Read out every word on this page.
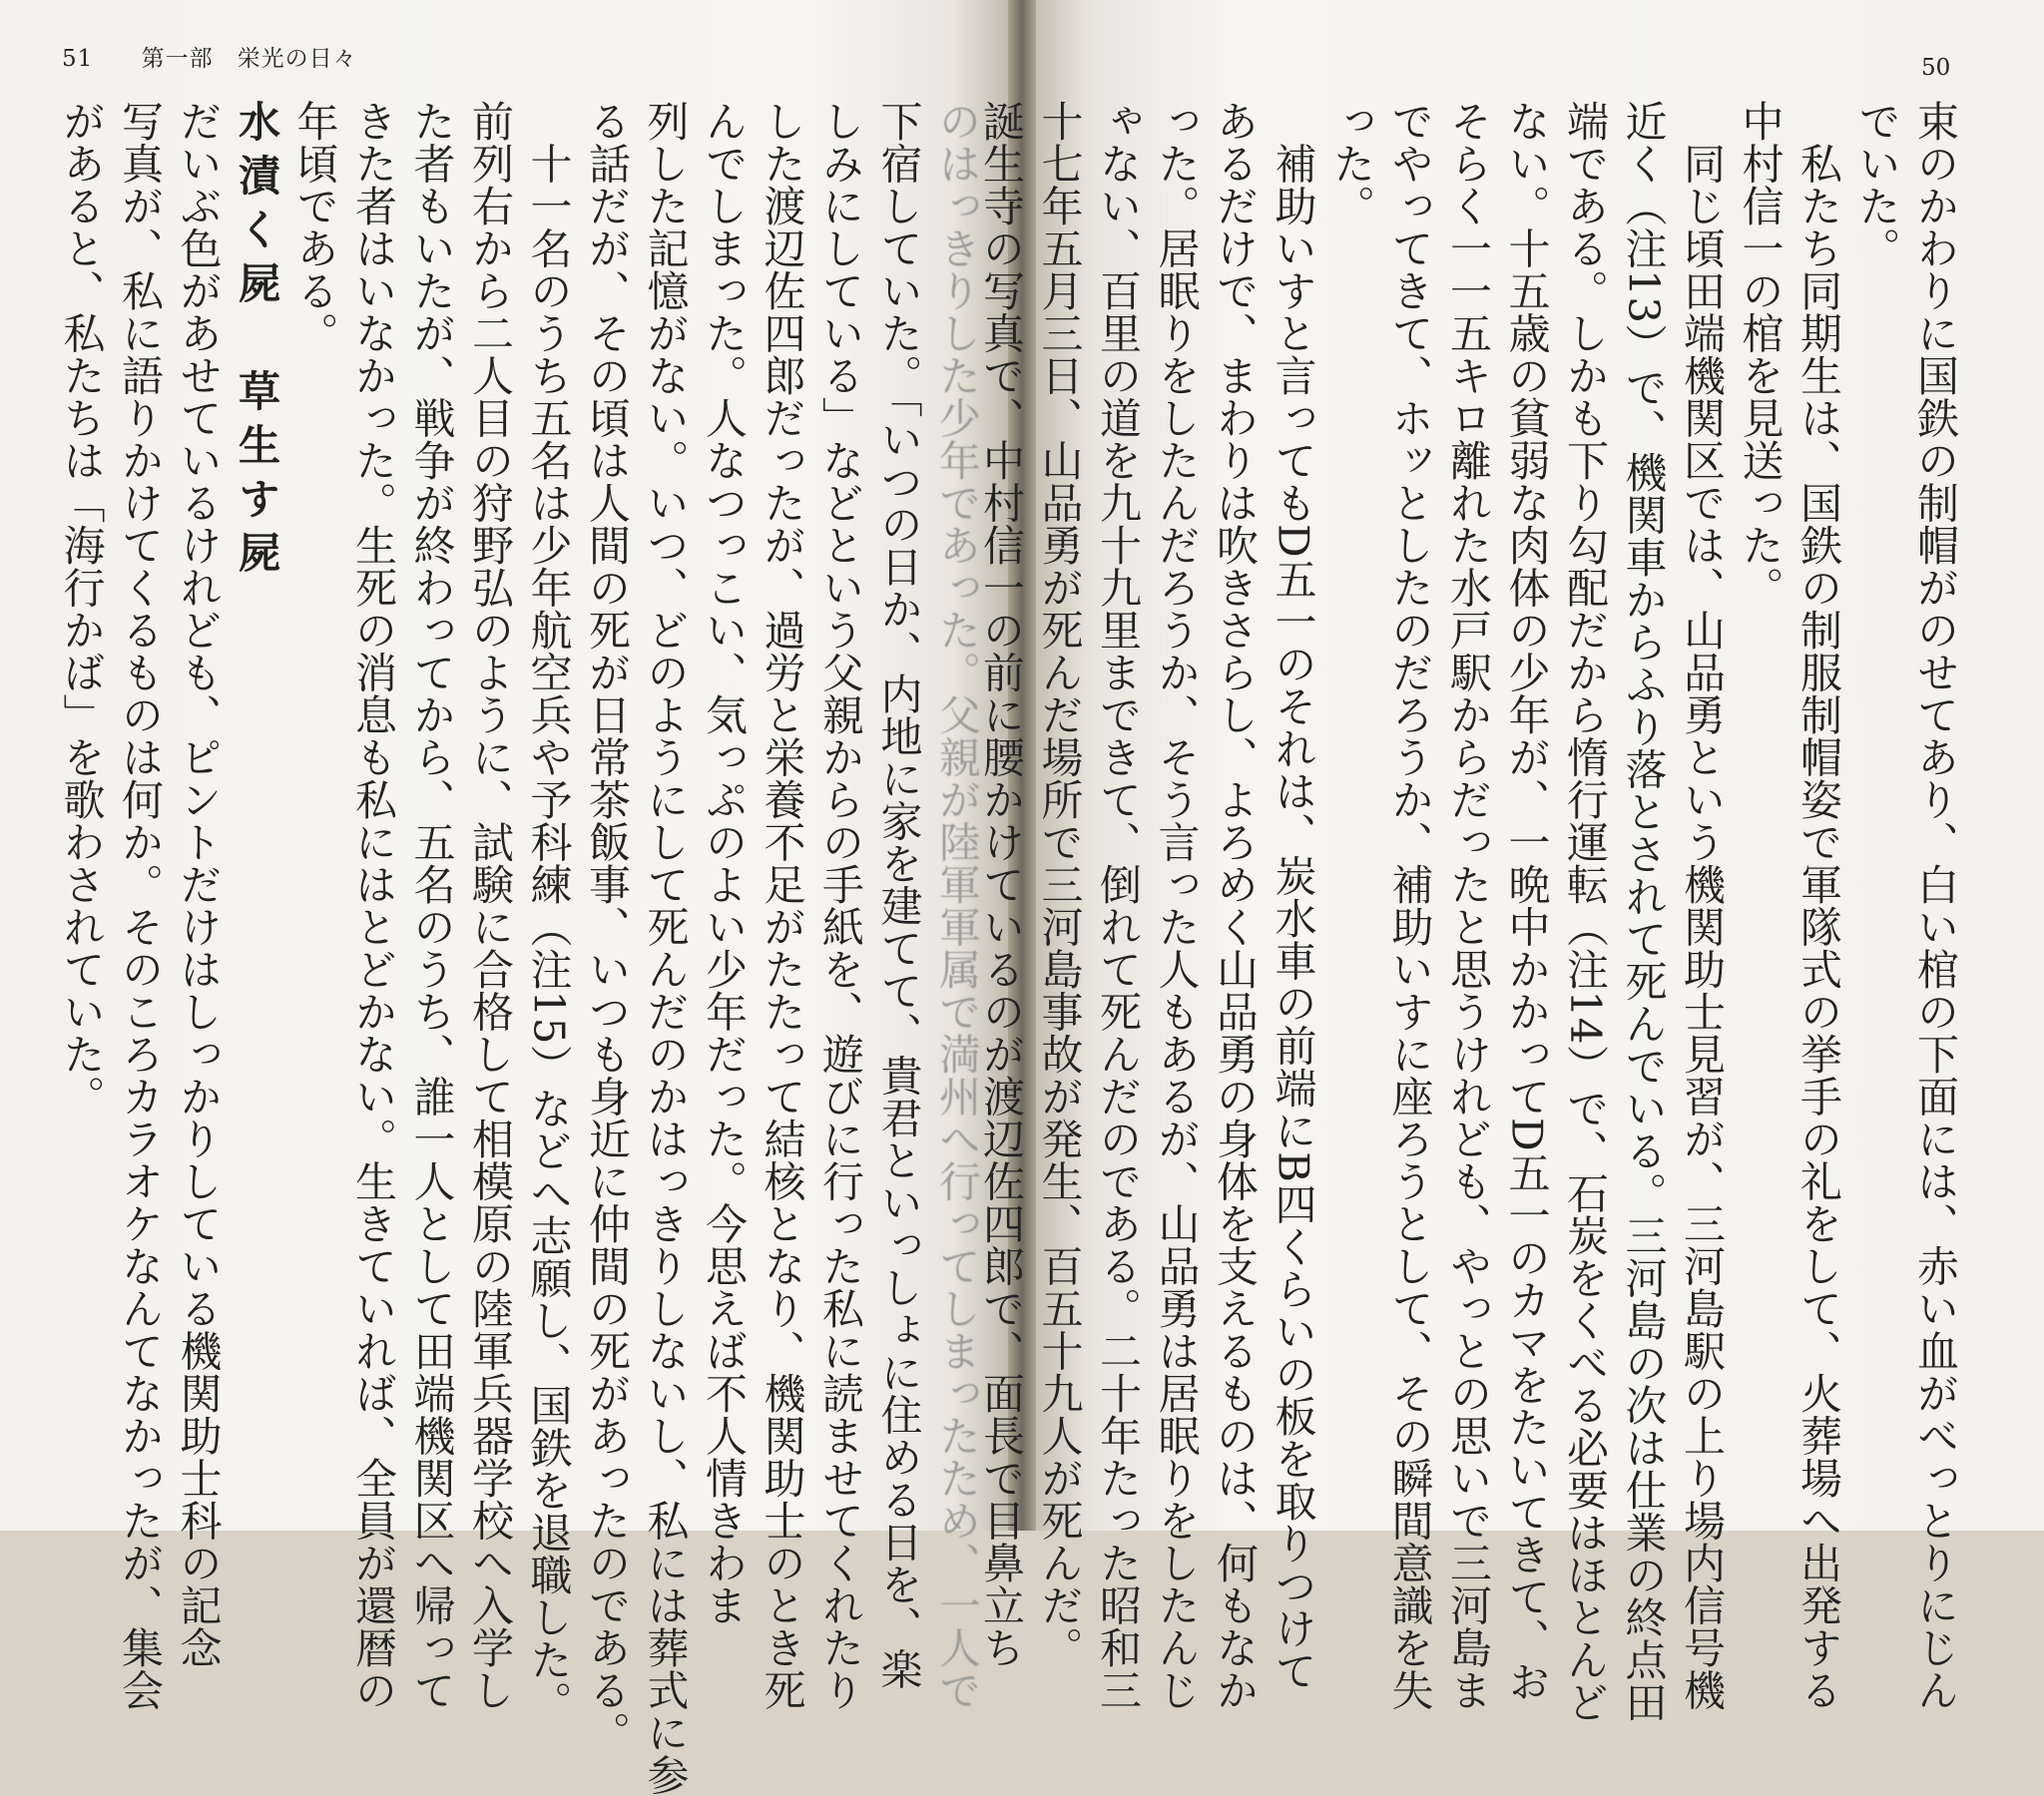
51 第一部　栄光の日々	50
束のかわりに国鉄の制帽がのせてあり、白い棺の下面には、赤い血がべっとりにじん
でいた。
　私たち同期生は、国鉄の制服制帽姿で軍隊式の挙手の礼をして、火葬場へ出発する
中村信一の棺を見送った。
　同じ頃田端機関区では、山品勇という機関助士見習が、三河島駅の上り場内信号機
近く（注13）で、機関車からふり落とされて死んでいる。三河島の次は仕業の終点田
端である。しかも下り勾配だから惰行運転（注14）で、石炭をくべる必要はほとんど
ない。十五歳の貧弱な肉体の少年が、一晩中かかってD五一のカマをたいてきて、お
そらく一一五キロ離れた水戸駅からだったと思うけれども、やっとの思いで三河島ま
でやってきて、ホッとしたのだろうか、補助いすに座ろうとして、その瞬間意識を失
った。
　補助いすと言ってもD五一のそれは、炭水車の前端にB四くらいの板を取りつけて
あるだけで、まわりは吹きさらし、よろめく山品勇の身体を支えるものは、何もなか
った。居眠りをしたんだろうか、そう言った人もあるが、山品勇は居眠りをしたんじ
ゃない、百里の道を九十九里まできて、倒れて死んだのである。二十年たった昭和三
十七年五月三日、山品勇が死んだ場所で三河島事故が発生、百五十九人が死んだ。
誕生寺の写真で、中村信一の前に腰かけているのが渡辺佐四郎で、面長で目鼻立ち
のはっきりした少年であった。父親が陸軍軍属で満州へ行ってしまったため、一人で
下宿していた。「いつの日か、内地に家を建てて、貴君といっしょに住める日を、楽
しみにしている」などという父親からの手紙を、遊びに行った私に読ませてくれたり
した渡辺佐四郎だったが、過労と栄養不足がたたって結核となり、機関助士のとき死
んでしまった。人なつっこい、気っぷのよい少年だった。今思えば不人情きわま
列した記憶がない。いつ、どのようにして死んだのかはっきりしないし、私には葬式に参
る話だが、その頃は人間の死が日常茶飯事、いつも身近に仲間の死があったのである。
　十一名のうち五名は少年航空兵や予科練（注15）などへ志願し、国鉄を退職した。
前列右から二人目の狩野弘のように、試験に合格して相模原の陸軍兵器学校へ入学し
た者もいたが、戦争が終わってから、五名のうち、誰一人として田端機関区へ帰って
きた者はいなかった。生死の消息も私にはとどかない。生きていれば、全員が還暦の
年頃である。
水漬く屍　草生す屍
だいぶ色があせているけれども、ピントだけはしっかりしている機関助士科の記念
写真が、私に語りかけてくるものは何か。そのころカラオケなんてなかったが、集会
があると、私たちは「海行かば」を歌わされていた。
